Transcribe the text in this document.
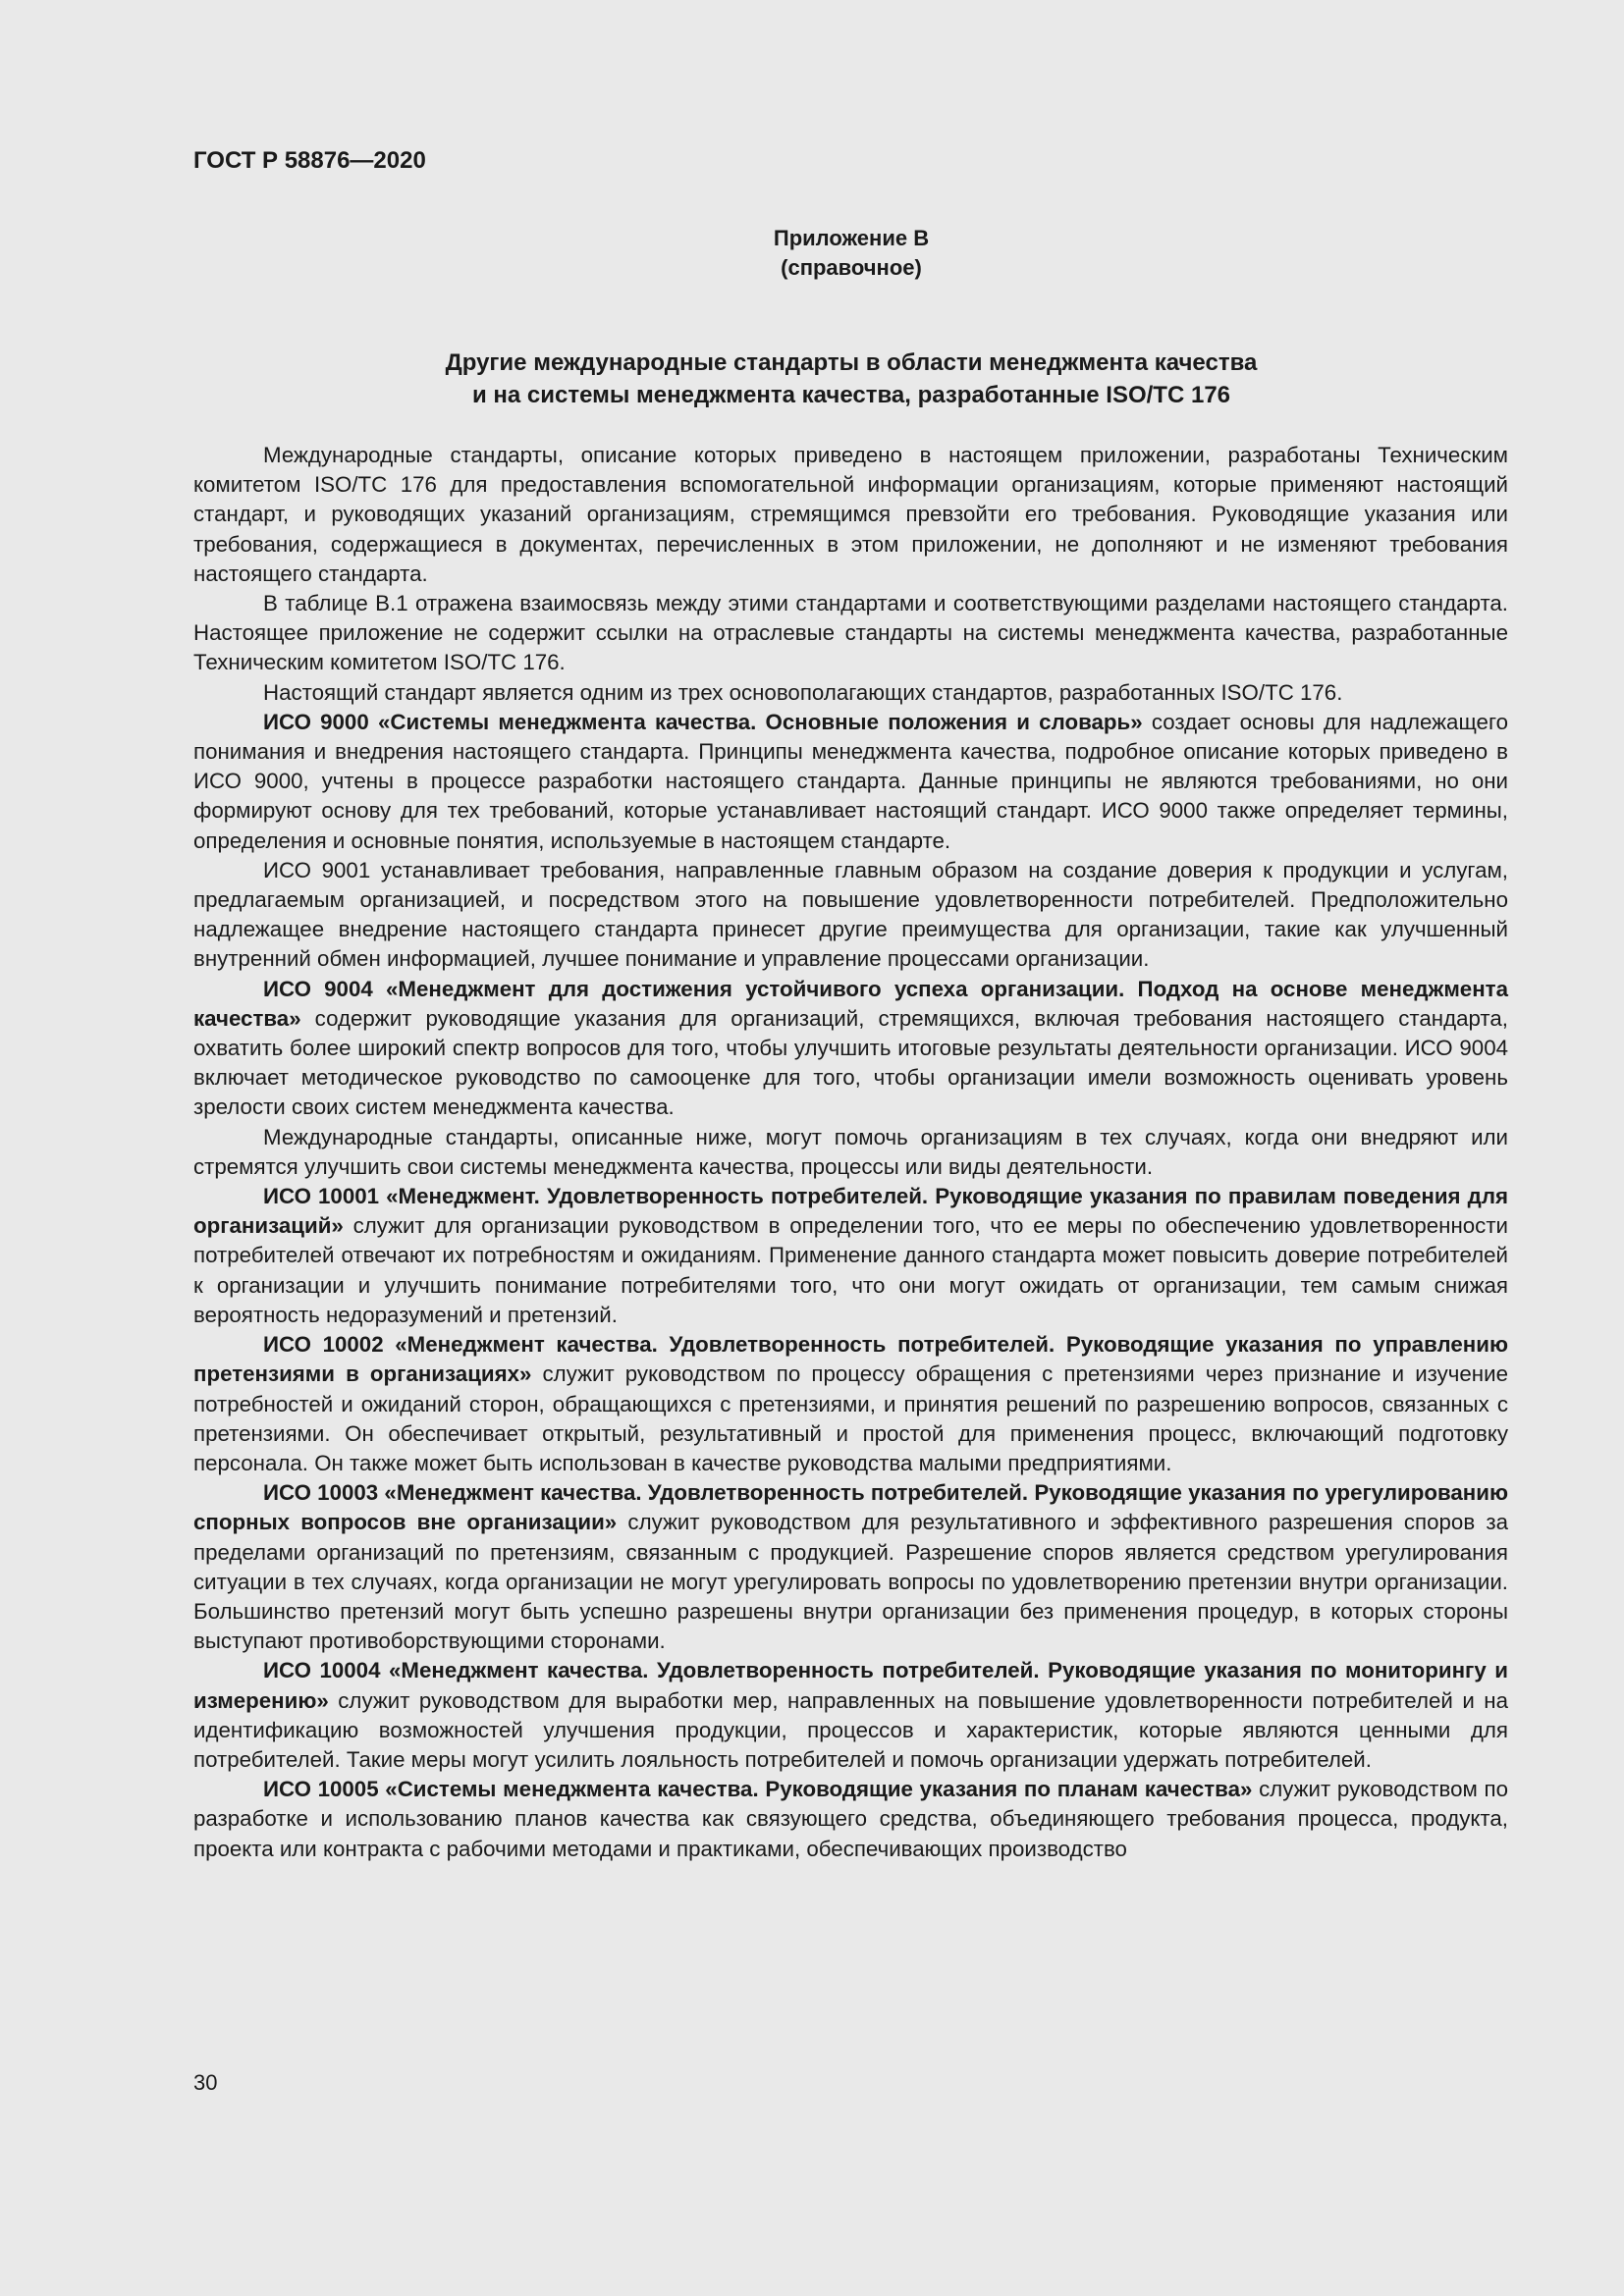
ГОСТ Р 58876—2020
Приложение В
(справочное)
Другие международные стандарты в области менеджмента качества
и на системы менеджмента качества, разработанные ISO/TC 176

Международные стандарты, описание которых приведено в настоящем приложении, разработаны Техническим комитетом ISO/TC 176 для предоставления вспомогательной информации организациям, которые применяют настоящий стандарт, и руководящих указаний организациям, стремящимся превзойти его требования. Руководящие указания или требования, содержащиеся в документах, перечисленных в этом приложении, не дополняют и не изменяют требования настоящего стандарта.

В таблице В.1 отражена взаимосвязь между этими стандартами и соответствующими разделами настоящего стандарта. Настоящее приложение не содержит ссылки на отраслевые стандарты на системы менеджмента качества, разработанные Техническим комитетом ISO/TC 176.

Настоящий стандарт является одним из трех основополагающих стандартов, разработанных ISO/TC 176.

ИСО 9000 «Системы менеджмента качества. Основные положения и словарь» создает основы для надлежащего понимания и внедрения настоящего стандарта. Принципы менеджмента качества, подробное описание которых приведено в ИСО 9000, учтены в процессе разработки настоящего стандарта. Данные принципы не являются требованиями, но они формируют основу для тех требований, которые устанавливает настоящий стандарт. ИСО 9000 также определяет термины, определения и основные понятия, используемые в настоящем стандарте.

ИСО 9001 устанавливает требования, направленные главным образом на создание доверия к продукции и услугам, предлагаемым организацией, и посредством этого на повышение удовлетворенности потребителей. Предположительно надлежащее внедрение настоящего стандарта принесет другие преимущества для организации, такие как улучшенный внутренний обмен информацией, лучшее понимание и управление процессами организации.

ИСО 9004 «Менеджмент для достижения устойчивого успеха организации. Подход на основе менеджмента качества» содержит руководящие указания для организаций, стремящихся, включая требования настоящего стандарта, охватить более широкий спектр вопросов для того, чтобы улучшить итоговые результаты деятельности организации. ИСО 9004 включает методическое руководство по самооценке для того, чтобы организации имели возможность оценивать уровень зрелости своих систем менеджмента качества.

Международные стандарты, описанные ниже, могут помочь организациям в тех случаях, когда они внедряют или стремятся улучшить свои системы менеджмента качества, процессы или виды деятельности.

ИСО 10001 «Менеджмент. Удовлетворенность потребителей. Руководящие указания по правилам поведения для организаций» служит для организации руководством в определении того, что ее меры по обеспечению удовлетворенности потребителей отвечают их потребностям и ожиданиям. Применение данного стандарта может повысить доверие потребителей к организации и улучшить понимание потребителями того, что они могут ожидать от организации, тем самым снижая вероятность недоразумений и претензий.

ИСО 10002 «Менеджмент качества. Удовлетворенность потребителей. Руководящие указания по управлению претензиями в организациях» служит руководством по процессу обращения с претензиями через признание и изучение потребностей и ожиданий сторон, обращающихся с претензиями, и принятия решений по разрешению вопросов, связанных с претензиями. Он обеспечивает открытый, результативный и простой для применения процесс, включающий подготовку персонала. Он также может быть использован в качестве руководства малыми предприятиями.

ИСО 10003 «Менеджмент качества. Удовлетворенность потребителей. Руководящие указания по урегулированию спорных вопросов вне организации» служит руководством для результативного и эффективного разрешения споров за пределами организаций по претензиям, связанным с продукцией. Разрешение споров является средством урегулирования ситуации в тех случаях, когда организации не могут урегулировать вопросы по удовлетворению претензии внутри организации. Большинство претензий могут быть успешно разрешены внутри организации без применения процедур, в которых стороны выступают противоборствующими сторонами.

ИСО 10004 «Менеджмент качества. Удовлетворенность потребителей. Руководящие указания по мониторингу и измерению» служит руководством для выработки мер, направленных на повышение удовлетворенности потребителей и на идентификацию возможностей улучшения продукции, процессов и характеристик, которые являются ценными для потребителей. Такие меры могут усилить лояльность потребителей и помочь организации удержать потребителей.

ИСО 10005 «Системы менеджмента качества. Руководящие указания по планам качества» служит руководством по разработке и использованию планов качества как связующего средства, объединяющего требования процесса, продукта, проекта или контракта с рабочими методами и практиками, обеспечивающих производство

30
